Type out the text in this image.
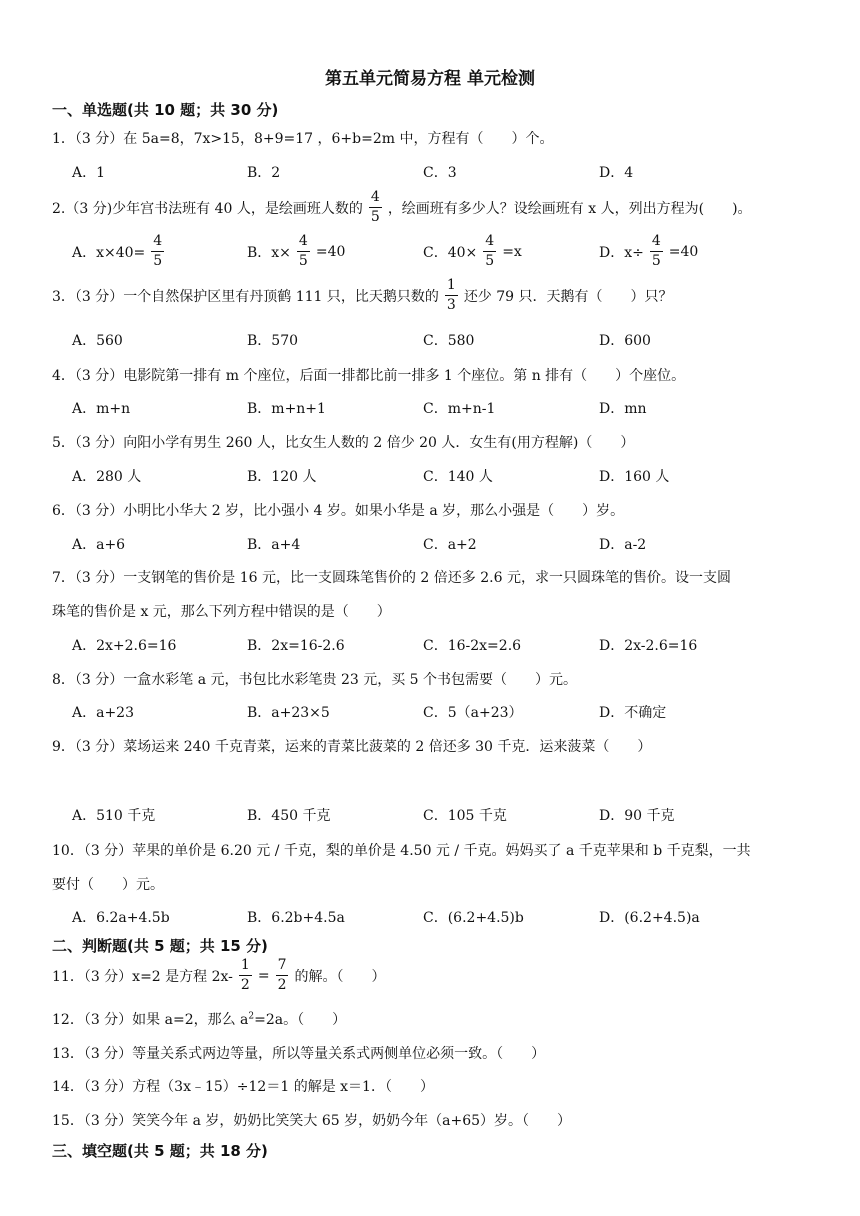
第五单元简易方程 单元检测
一、单选题(共 10 题；共 30 分)
1．（3 分）在 5a=8，7x>15，8+9=17 ，6+b=2m 中，方程有（　　）个。
A．1	B．2	C．3	D．4
2.（3 分)少年宫书法班有 40 人，是绘画班人数的 $\frac{4}{5}$ ，绘画班有多少人？设绘画班有 x 人，列出方程为(　　)。
A．$x\times 40= \frac{4}{5}$	B．$x\times \frac{4}{5} =40$	C．$40\times \frac{4}{5} =x$	D．$x\div \frac{4}{5} =40$
3．（3 分）一个自然保护区里有丹顶鹤 111 只，比天鹅只数的 $\frac{1}{3}$ 还少 79 只．天鹅有（　　）只？
A．560	B．570	C．580	D．600
4．（3 分）电影院第一排有 m 个座位，后面一排都比前一排多 1 个座位。第 n 排有（　　）个座位。
A．m+n	B．m+n+1	C．m+n-1	D．mn
5．（3 分）向阳小学有男生 260 人，比女生人数的 2 倍少 20 人．女生有(用方程解)（　　）
A．280 人	B．120 人	C．140 人	D．160 人
6．（3 分）小明比小华大 2 岁，比小强小 4 岁。如果小华是 a 岁，那么小强是（　　）岁。
A．a+6	B．a+4	C．a+2	D．a-2
7．（3 分）一支钢笔的售价是 16 元，比一支圆珠笔售价的 2 倍还多 2.6 元，求一只圆珠笔的售价。设一支圆
珠笔的售价是 x 元，那么下列方程中错误的是（　　）
A．2x+2.6=16	B．2x=16-2.6	C．16-2x=2.6	D．2x-2.6=16
8．（3 分）一盒水彩笔 a 元，书包比水彩笔贵 23 元，买 5 个书包需要（　　）元。
A．a+23	B．a+23×5	C．5（a+23）	D．不确定
9．（3 分）菜场运来 240 千克青菜，运来的青菜比菠菜的 2 倍还多 30 千克．运来菠菜（　　）
A．510 千克	B．450 千克	C．105 千克	D．90 千克
10．（3 分）苹果的单价是 6.20 元 / 千克，梨的单价是 4.50 元 / 千克。妈妈买了 a 千克苹果和 b 千克梨，一共
要付（　　）元。
A．6.2a+4.5b	B．6.2b+4.5a	C．(6.2+4.5)b	D．(6.2+4.5)a
二、判断题(共 5 题；共 15 分)
11．（3 分）x=2 是方程 $2x- \frac{1}{2} = \frac{7}{2}$ 的解。（　　）
12．（3 分）如果 a=2，那么 $a^2=2a$。（　　）
13．（3 分）等量关系式两边等量，所以等量关系式两侧单位必须一致。（　　）
14．（3 分）方程（3x﹣15）÷12＝1 的解是 x＝1．（　　）
15．（3 分）笑笑今年 a 岁，奶奶比笑笑大 65 岁，奶奶今年（a+65）岁。（　　）
三、填空题(共 5 题；共 18 分)
